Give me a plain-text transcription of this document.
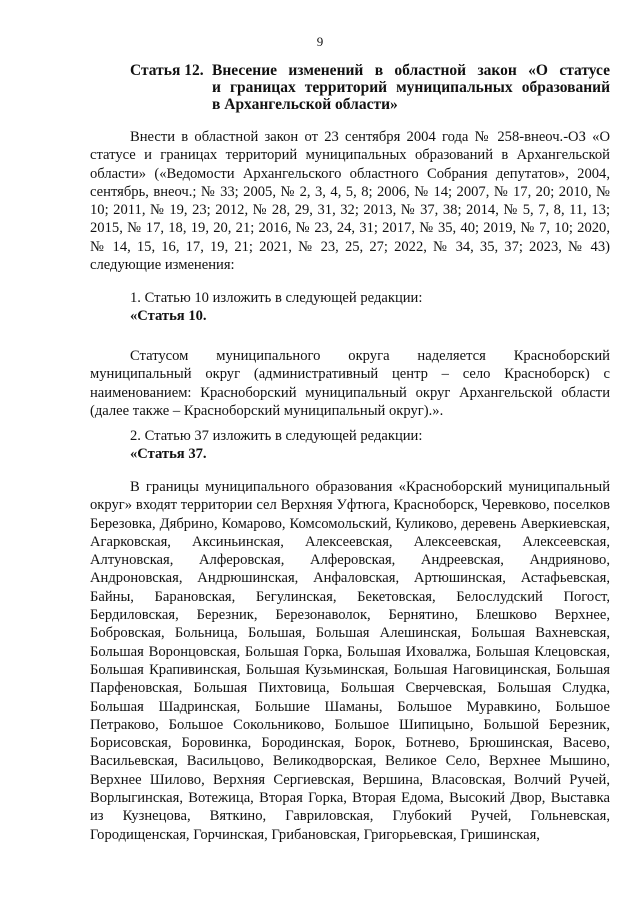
9
Статья 12. Внесение изменений в областной закон «О статусе
и границах территорий муниципальных образований
в Архангельской области»

Внести в областной закон от 23 сентября 2004 года № 258-внеоч.-ОЗ «О статусе и границах территорий муниципальных образований в Архангельской области» («Ведомости Архангельского областного Собрания депутатов», 2004, сентябрь, внеоч.; № 33; 2005, № 2, 3, 4, 5, 8; 2006, № 14; 2007, № 17, 20; 2010, № 10; 2011, № 19, 23; 2012, № 28, 29, 31, 32; 2013, № 37, 38; 2014, № 5, 7, 8, 11, 13; 2015, № 17, 18, 19, 20, 21; 2016, № 23, 24, 31; 2017, № 35, 40; 2019, № 7, 10; 2020, № 14, 15, 16, 17, 19, 21; 2021, № 23, 25, 27; 2022, № 34, 35, 37; 2023, № 43) следующие изменения:

1. Статью 10 изложить в следующей редакции:

«Статья 10.

Статусом муниципального округа наделяется Красноборский муниципальный округ (административный центр – село Красноборск) с наименованием: Красноборский муниципальный округ Архангельской области (далее также – Красноборский муниципальный округ).».

2. Статью 37 изложить в следующей редакции:

«Статья 37.

В границы муниципального образования «Красноборский муниципальный округ» входят территории сел Верхняя Уфтюга, Красноборск, Черевково, поселков Березовка, Дябрино, Комарово, Комсомольский, Куликово, деревень Аверкиевская, Агарковская, Аксиньинская, Алексеевская, Алексеевская, Алексеевская, Алтуновская, Алферовская, Алферовская, Андреевская, Андрияново, Андроновская, Андрюшинская, Анфаловская, Артюшинская, Астафьевская, Байны, Барановская, Бегулинская, Бекетовская, Белослудский Погост, Бердиловская, Березник, Березонаволок, Бернятино, Блешково Верхнее, Бобровская, Больница, Большая, Большая Алешинская, Большая Вахневская, Большая Воронцовская, Большая Горка, Большая Иховалжа, Большая Клецовская, Большая Крапивинская, Большая Кузьминская, Большая Наговицинская, Большая Парфеновская, Большая Пихтовица, Большая Сверчевская, Большая Слудка, Большая Шадринская, Большие Шаманы, Большое Муравкино, Большое Петраково, Большое Сокольниково, Большое Шипицыно, Большой Березник, Борисовская, Боровинка, Бородинская, Борок, Ботнево, Брюшинская, Васево, Васильевская, Васильцово, Великодворская, Великое Село, Верхнее Мышино, Верхнее Шилово, Верхняя Сергиевская, Вершина, Власовская, Волчий Ручей, Ворлыгинская, Вотежица, Вторая Горка, Вторая Едома, Высокий Двор, Выставка из Кузнецова, Вяткино, Гавриловская, Глубокий Ручей, Гольневская, Городищенская, Горчинская, Грибановская, Григорьевская, Гришинская,
